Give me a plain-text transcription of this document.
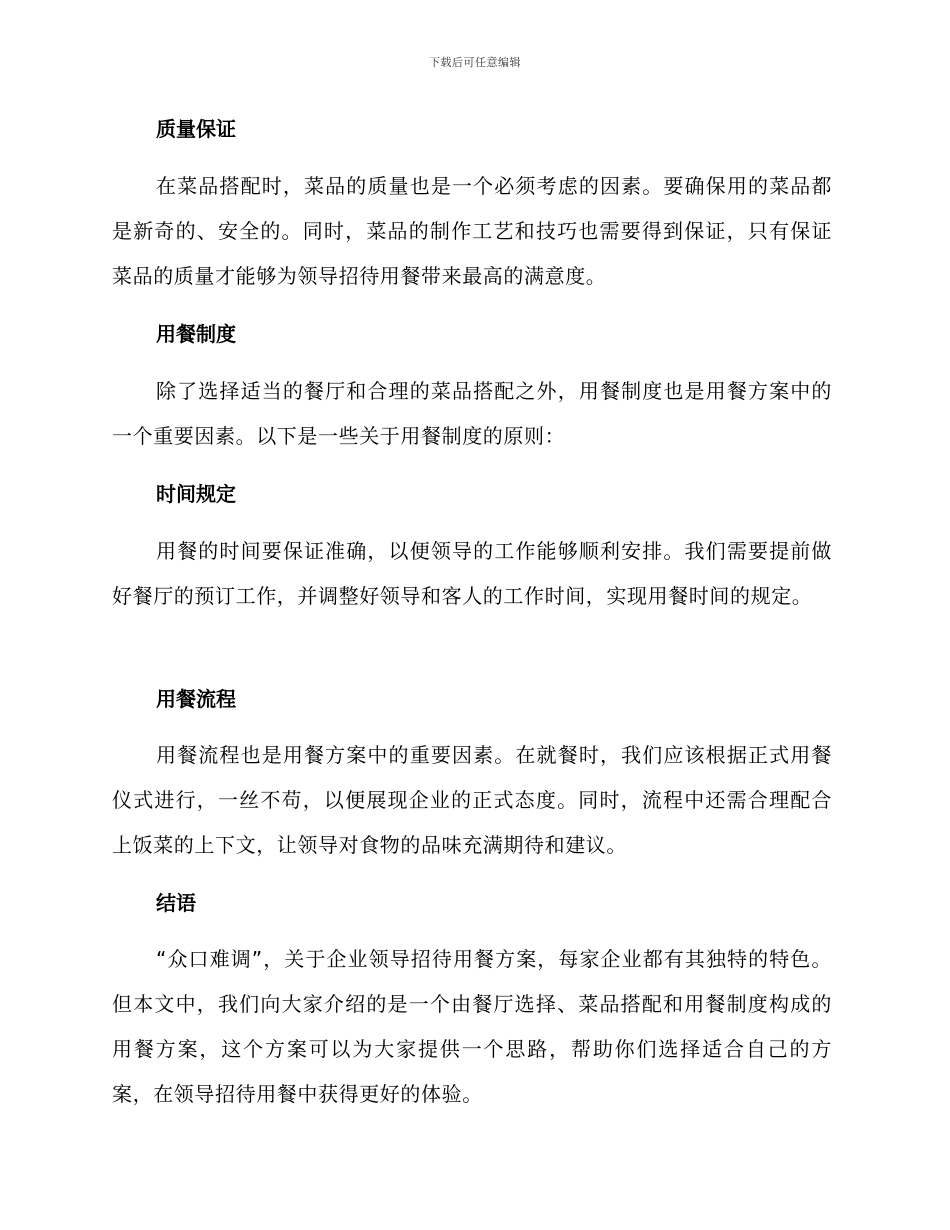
下载后可任意编辑
质量保证
在菜品搭配时，菜品的质量也是一个必须考虑的因素。要确保用的菜品都是新奇的、安全的。同时，菜品的制作工艺和技巧也需要得到保证，只有保证菜品的质量才能够为领导招待用餐带来最高的满意度。
用餐制度
除了选择适当的餐厅和合理的菜品搭配之外，用餐制度也是用餐方案中的一个重要因素。以下是一些关于用餐制度的原则：
时间规定
用餐的时间要保证准确，以便领导的工作能够顺利安排。我们需要提前做好餐厅的预订工作，并调整好领导和客人的工作时间，实现用餐时间的规定。
用餐流程
用餐流程也是用餐方案中的重要因素。在就餐时，我们应该根据正式用餐仪式进行，一丝不苟，以便展现企业的正式态度。同时，流程中还需合理配合上饭菜的上下文，让领导对食物的品味充满期待和建议。
结语
“众口难调”，关于企业领导招待用餐方案，每家企业都有其独特的特色。但本文中，我们向大家介绍的是一个由餐厅选择、菜品搭配和用餐制度构成的用餐方案，这个方案可以为大家提供一个思路，帮助你们选择适合自己的方案，在领导招待用餐中获得更好的体验。
